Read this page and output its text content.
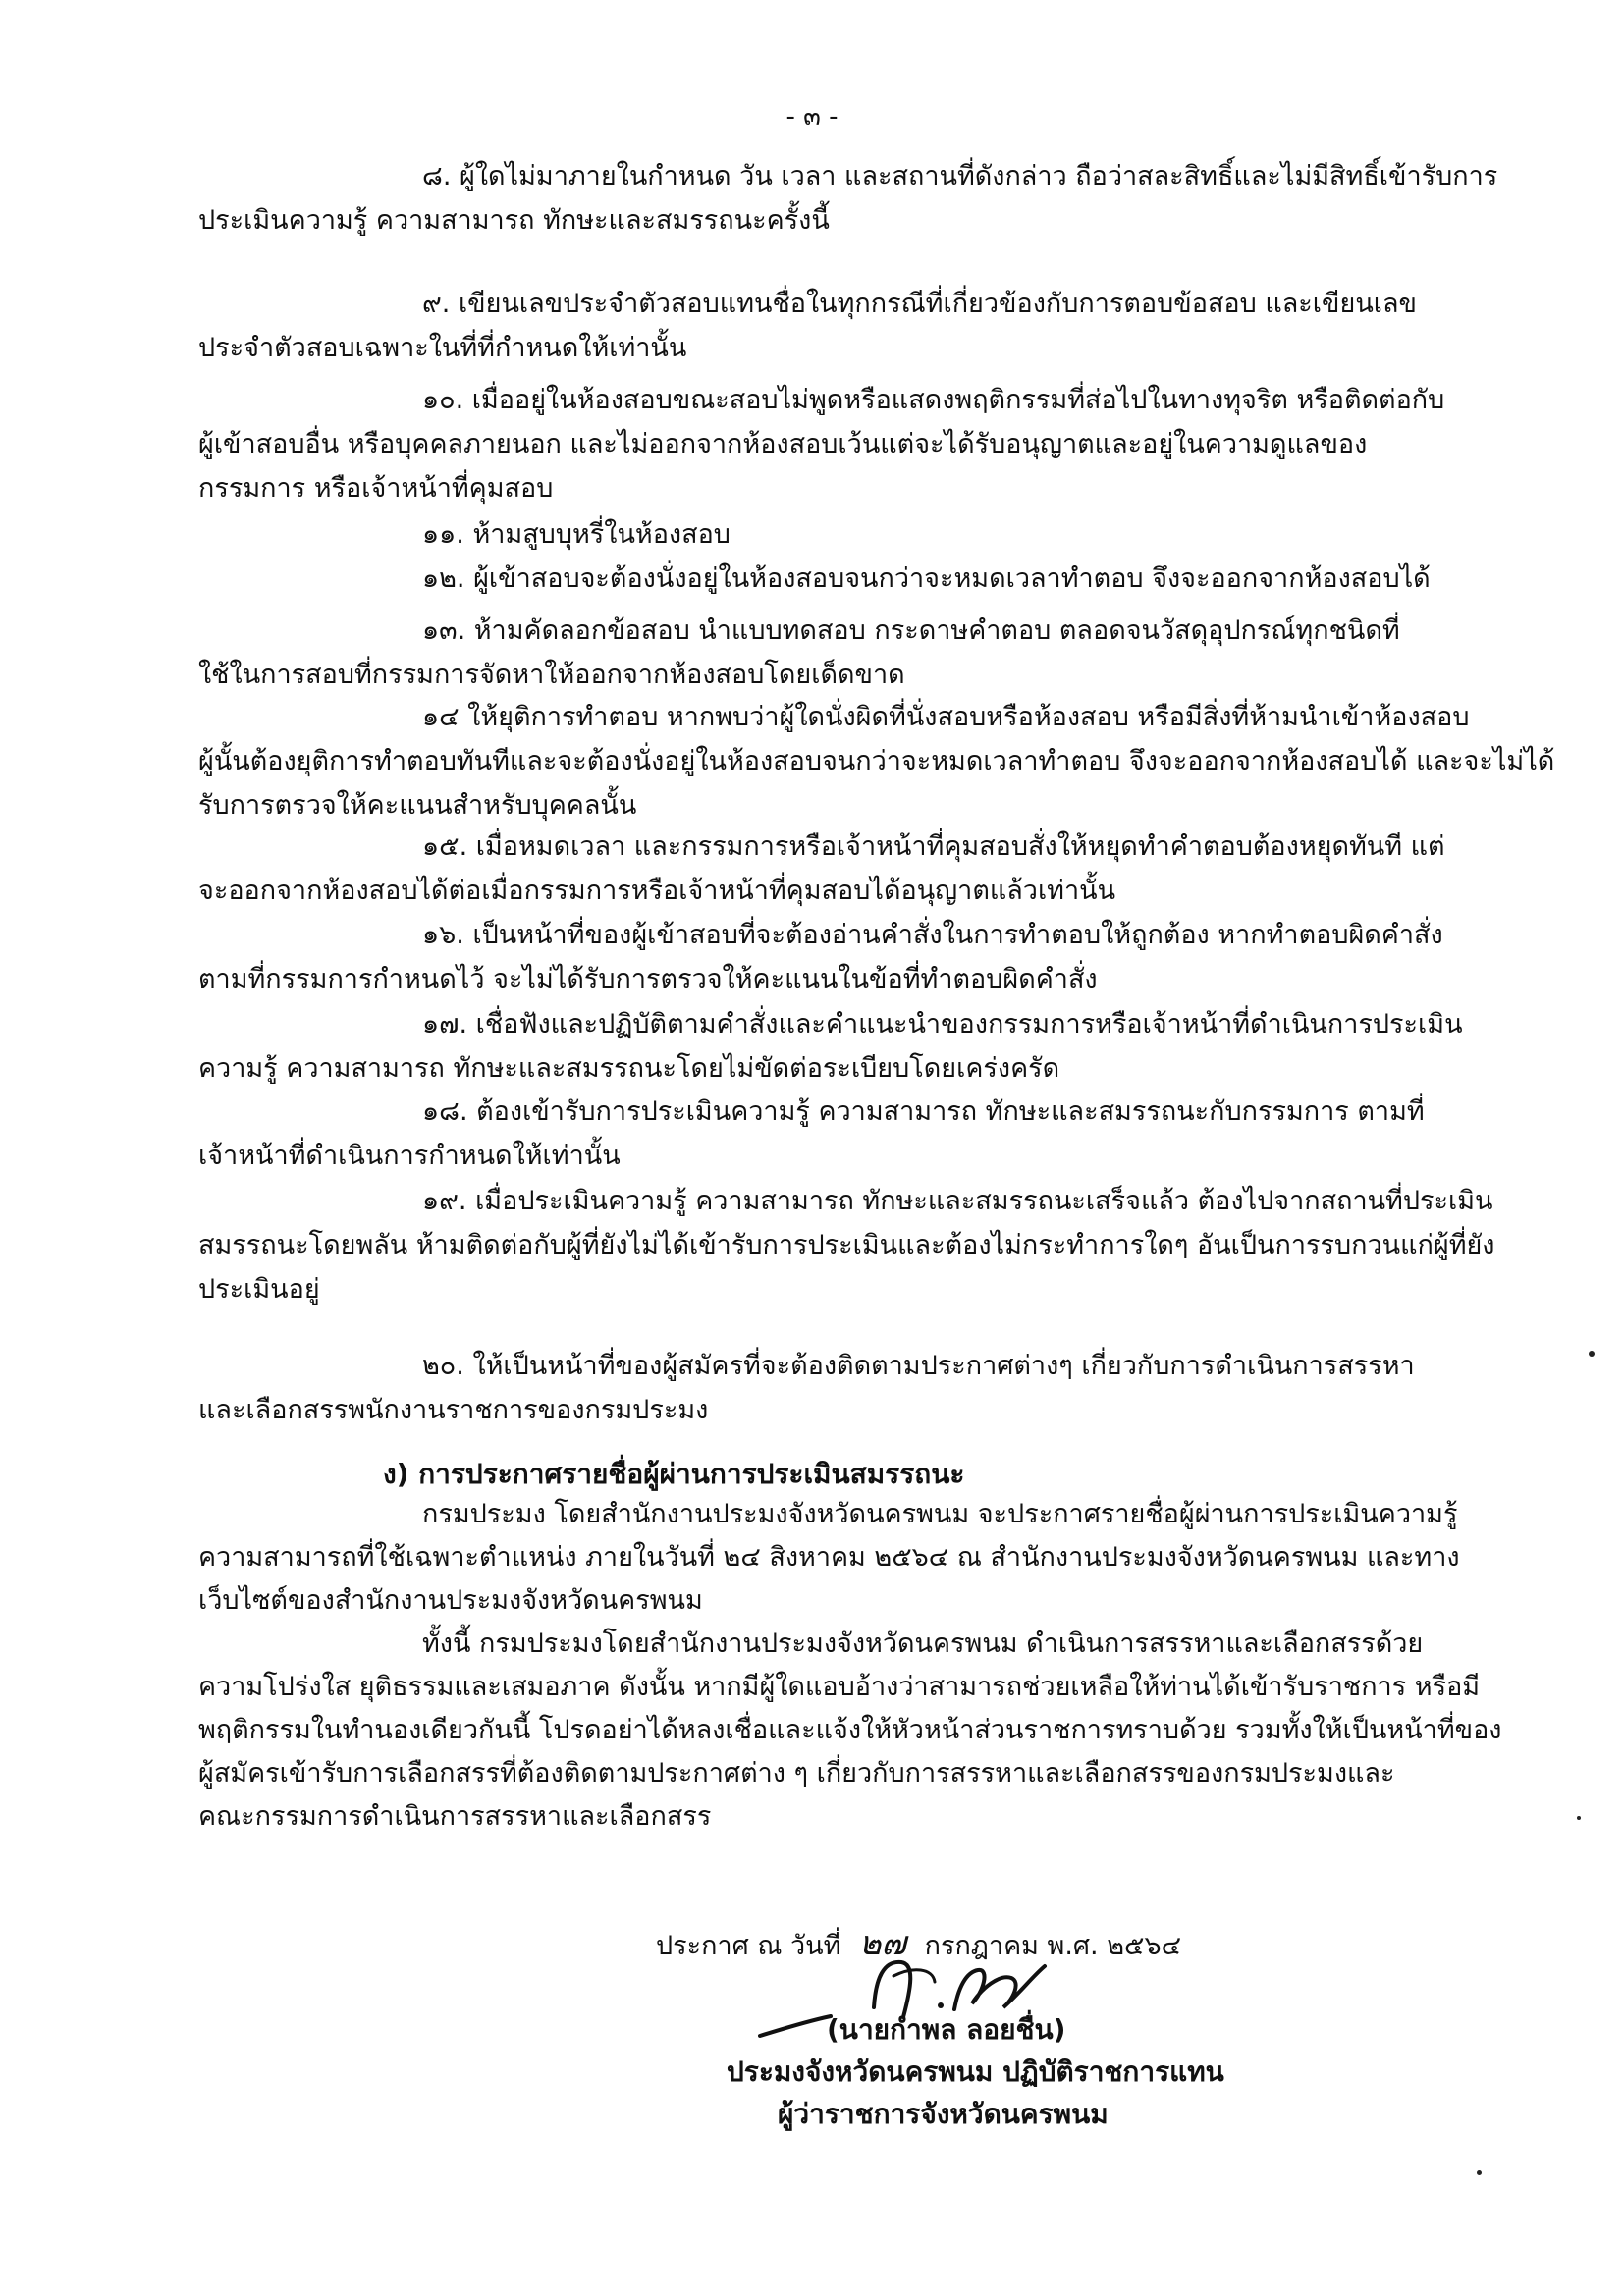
- ๓ -
๘. ผู้ใดไม่มาภายในกำหนด วัน เวลา และสถานที่ดังกล่าว ถือว่าสละสิทธิ์และไม่มีสิทธิ์เข้ารับการ
ประเมินความรู้ ความสามารถ ทักษะและสมรรถนะครั้งนี้
๙. เขียนเลขประจำตัวสอบแทนชื่อในทุกกรณีที่เกี่ยวข้องกับการตอบข้อสอบ และเขียนเลข
ประจำตัวสอบเฉพาะในที่ที่กำหนดให้เท่านั้น
๑๐. เมื่ออยู่ในห้องสอบขณะสอบไม่พูดหรือแสดงพฤติกรรมที่ส่อไปในทางทุจริต หรือติดต่อกับ
ผู้เข้าสอบอื่น หรือบุคคลภายนอก และไม่ออกจากห้องสอบเว้นแต่จะได้รับอนุญาตและอยู่ในความดูแลของ
กรรมการ หรือเจ้าหน้าที่คุมสอบ
๑๑. ห้ามสูบบุหรี่ในห้องสอบ
๑๒. ผู้เข้าสอบจะต้องนั่งอยู่ในห้องสอบจนกว่าจะหมดเวลาทำตอบ จึงจะออกจากห้องสอบได้
๑๓. ห้ามคัดลอกข้อสอบ นำแบบทดสอบ กระดาษคำตอบ ตลอดจนวัสดุอุปกรณ์ทุกชนิดที่
ใช้ในการสอบที่กรรมการจัดหาให้ออกจากห้องสอบโดยเด็ดขาด
๑๔ ให้ยุติการทำตอบ หากพบว่าผู้ใดนั่งผิดที่นั่งสอบหรือห้องสอบ หรือมีสิ่งที่ห้ามนำเข้าห้องสอบ
ผู้นั้นต้องยุติการทำตอบทันทีและจะต้องนั่งอยู่ในห้องสอบจนกว่าจะหมดเวลาทำตอบ จึงจะออกจากห้องสอบได้ และจะไม่ได้
รับการตรวจให้คะแนนสำหรับบุคคลนั้น
๑๕. เมื่อหมดเวลา และกรรมการหรือเจ้าหน้าที่คุมสอบสั่งให้หยุดทำคำตอบต้องหยุดทันที แต่
จะออกจากห้องสอบได้ต่อเมื่อกรรมการหรือเจ้าหน้าที่คุมสอบได้อนุญาตแล้วเท่านั้น
๑๖. เป็นหน้าที่ของผู้เข้าสอบที่จะต้องอ่านคำสั่งในการทำตอบให้ถูกต้อง หากทำตอบผิดคำสั่ง
ตามที่กรรมการกำหนดไว้ จะไม่ได้รับการตรวจให้คะแนนในข้อที่ทำตอบผิดคำสั่ง
๑๗. เชื่อฟังและปฏิบัติตามคำสั่งและคำแนะนำของกรรมการหรือเจ้าหน้าที่ดำเนินการประเมิน
ความรู้ ความสามารถ ทักษะและสมรรถนะโดยไม่ขัดต่อระเบียบโดยเคร่งครัด
๑๘. ต้องเข้ารับการประเมินความรู้ ความสามารถ ทักษะและสมรรถนะกับกรรมการ ตามที่
เจ้าหน้าที่ดำเนินการกำหนดให้เท่านั้น
๑๙. เมื่อประเมินความรู้ ความสามารถ ทักษะและสมรรถนะเสร็จแล้ว ต้องไปจากสถานที่ประเมิน
สมรรถนะโดยพลัน ห้ามติดต่อกับผู้ที่ยังไม่ได้เข้ารับการประเมินและต้องไม่กระทำการใดๆ อันเป็นการรบกวนแก่ผู้ที่ยัง
ประเมินอยู่
๒๐. ให้เป็นหน้าที่ของผู้สมัครที่จะต้องติดตามประกาศต่างๆ เกี่ยวกับการดำเนินการสรรหา
และเลือกสรรพนักงานราชการของกรมประมง
กรมประมง โดยสำนักงานประมงจังหวัดนครพนม จะประกาศรายชื่อผู้ผ่านการประเมินความรู้
ความสามารถที่ใช้เฉพาะตำแหน่ง ภายในวันที่ ๒๔ สิงหาคม ๒๕๖๔ ณ สำนักงานประมงจังหวัดนครพนม และทาง
เว็บไซต์ของสำนักงานประมงจังหวัดนครพนม
ทั้งนี้ กรมประมงโดยสำนักงานประมงจังหวัดนครพนม ดำเนินการสรรหาและเลือกสรรด้วย
ความโปร่งใส ยุติธรรมและเสมอภาค ดังนั้น หากมีผู้ใดแอบอ้างว่าสามารถช่วยเหลือให้ท่านได้เข้ารับราชการ หรือมี
พฤติกรรมในทำนองเดียวกันนี้ โปรดอย่าได้หลงเชื่อและแจ้งให้หัวหน้าส่วนราชการทราบด้วย รวมทั้งให้เป็นหน้าที่ของ
ผู้สมัครเข้ารับการเลือกสรรที่ต้องติดตามประกาศต่าง ๆ เกี่ยวกับการสรรหาและเลือกสรรของกรมประมงและ
คณะกรรมการดำเนินการสรรหาและเลือกสรร
ง) การประกาศรายชื่อผู้ผ่านการประเมินสมรรถนะ
ประกาศ ณ วันที่ ๒๗ กรกฎาคม พ.ศ. ๒๕๖๔
(นายกำพล ลอยชื่น)
ประมงจังหวัดนครพนม ปฏิบัติราชการแทน
ผู้ว่าราชการจังหวัดนครพนม
